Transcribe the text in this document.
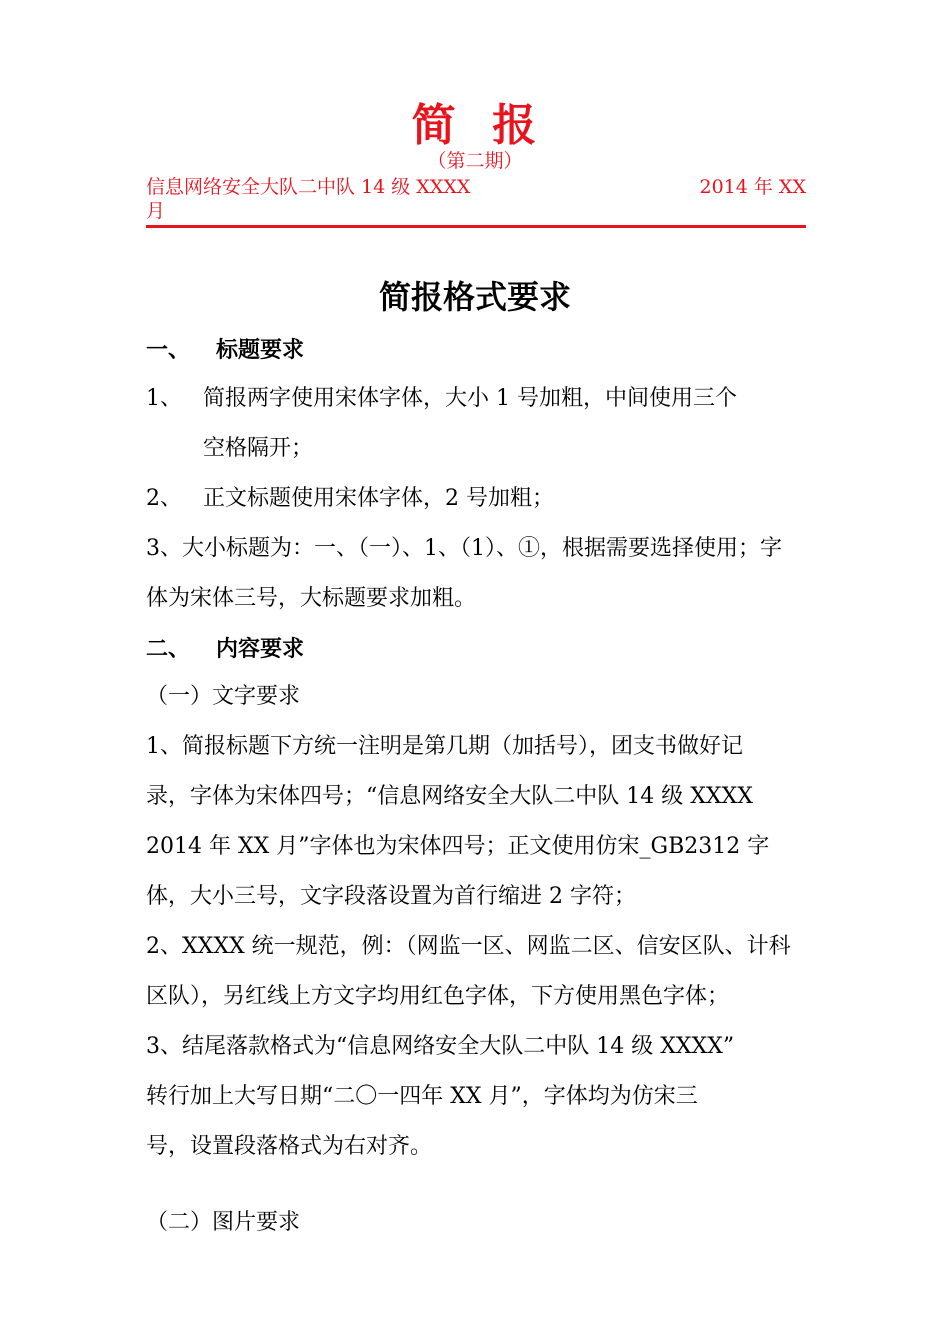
简  报
（第二期）
信息网络安全大队二中队 14 级 XXXX	2014 年 XX
月
简报格式要求
一、 标题要求
1、 简报两字使用宋体字体，大小 1 号加粗，中间使用三个
空格隔开；
2、 正文标题使用宋体字体，2 号加粗；
3、大小标题为：一、（一）、1、（1）、①，根据需要选择使用；字
体为宋体三号，大标题要求加粗。
二、 内容要求
（一）文字要求
1、简报标题下方统一注明是第几期（加括号），团支书做好记
录，字体为宋体四号；“信息网络安全大队二中队 14 级 XXXX
2014 年 XX 月”字体也为宋体四号；正文使用仿宋_GB2312 字
体，大小三号，文字段落设置为首行缩进 2 字符；
2、XXXX 统一规范，例：（网监一区、网监二区、信安区队、计科
区队），另红线上方文字均用红色字体，下方使用黑色字体；
3、结尾落款格式为“信息网络安全大队二中队 14 级 XXXX”
转行加上大写日期“二〇一四年 XX 月”，字体均为仿宋三
号，设置段落格式为右对齐。
（二）图片要求
